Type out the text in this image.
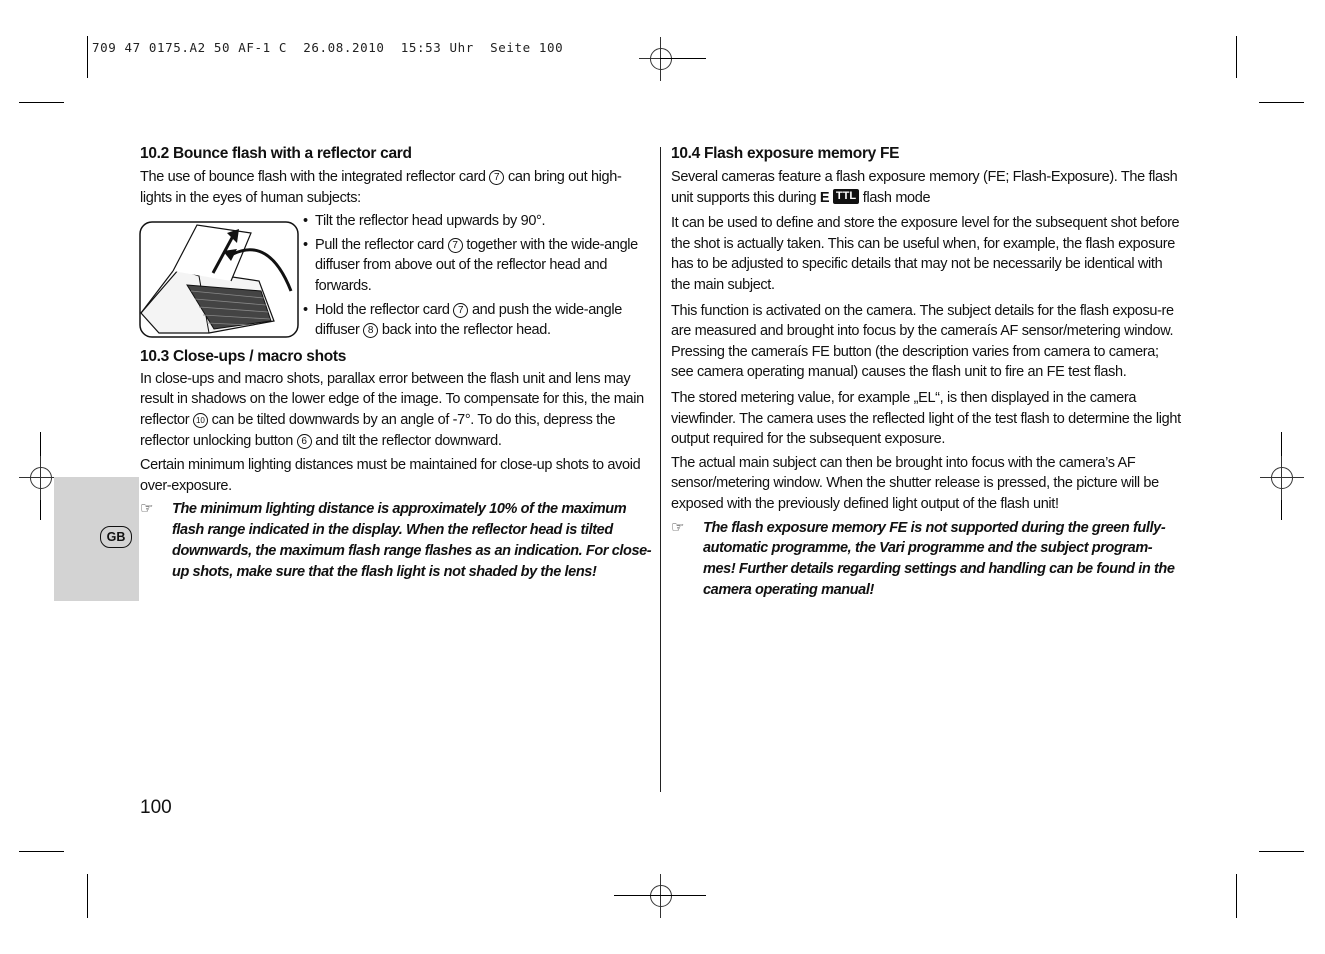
709 47 0175.A2 50 AF-1 C  26.08.2010  15:53 Uhr  Seite 100
GB
10.2 Bounce flash with a reflector card

The use of bounce flash with the integrated reflector card 7 can bring out high-lights in the eyes of human subjects:

• Tilt the reflector head upwards by 90°.
• Pull the reflector card 7 together with the wide-angle diffuser from above out of the reflector head and forwards.
• Hold the reflector card 7 and push the wide-angle diffuser 8 back into the reflector head.
10.3 Close-ups / macro shots

In close-ups and macro shots, parallax error between the flash unit and lens may result in shadows on the lower edge of the image. To compensate for this, the main reflector 10 can be tilted downwards by an angle of -7°. To do this, depress the reflector unlocking button 6 and tilt the reflector downward.

Certain minimum lighting distances must be maintained for close-up shots to avoid over-exposure.

☞	The minimum lighting distance is approximately 10% of the maximum flash range indicated in the display. When the reflector head is tilted downwards, the maximum flash range flashes as an indication. For close-up shots, make sure that the flash light is not shaded by the lens!
10.4 Flash exposure memory FE

Several cameras feature a flash exposure memory (FE; Flash-Exposure). The flash unit supports this during E TTL flash mode

It can be used to define and store the exposure level for the subsequent shot before the shot is actually taken. This can be useful when, for example, the flash exposure has to be adjusted to specific details that may not be necessarily be identical with the main subject.

This function is activated on the camera. The subject details for the flash exposu-re are measured and brought into focus by the cameraís AF sensor/metering window. Pressing the cameraís FE button (the description varies from camera to camera; see camera operating manual) causes the flash unit to fire an FE test flash.

The stored metering value, for example „EL“, is then displayed in the camera viewfinder. The camera uses the reflected light of the test flash to determine the light output required for the subsequent exposure.

The actual main subject can then be brought into focus with the camera’s AF sensor/metering window. When the shutter release is pressed, the picture will be exposed with the previously defined light output of the flash unit!

☞	The flash exposure memory FE is not supported during the green fully-automatic programme, the Vari programme and the subject program-mes! Further details regarding settings and handling can be found in the camera operating manual!
100
